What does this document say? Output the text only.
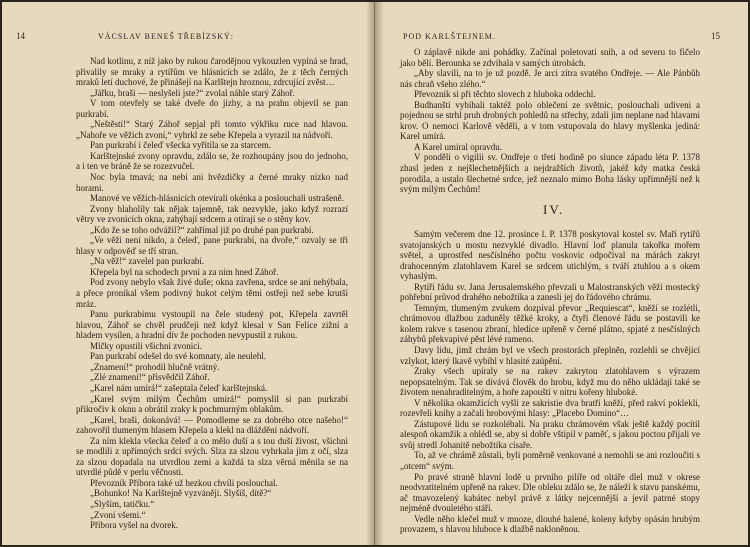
14	VÁCSLAV BENEŠ TŘEBÍZSKÝ:

Nad kotlinu, z níž jako by rukou čarodějnou vykouzlen vypíná se hrad, přivalily se mraky a rytířům ve hlásnicích se zdálo, že z těch černých mraků letí duchové, že přinášejí na Karlštejn hroznou, zdrcující zvěst…

„Jářku, braši — neslyšeli jste?“ zvolal náhle starý Záhoř.

V tom otevřely se také dveře do jizby, a na prahu objevil se pan purkrabí.

„Neštěstí!“ Starý Záhoř sepjal při tomto výkřiku ruce nad hlavou. „Nahoře ve věžích zvoní,“ vyhrkl ze sebe Křepela a vyrazil na nádvoří.

Pan purkrabí i čeleď všecka vyřítila se za starcem.

Karlštejnské zvony opravdu, zdálo se, že rozhoupány jsou do jednoho, a i ten ve bráně že se rozezvučel.

Noc byla tmavá; na nebi ani hvězdičky a černé mraky nízko nad horami.

Manové ve věžích-hlásnicích otevírali okénka a poslouchali ustrašeně.

Zvony hlaholily tak nějak tajemně, tak nezvykle, jako když rozrazí větry ve zvonicích okna, zahýbají srdcem a otírají se o stěny kov.

„Kdo že se toho odvážil?“ zahřímal již po druhé pan purkrabí.

„Ve věži není nikdo, a čeleď, pane purkrabí, na dvoře,“ ozvaly se tři hlasy v odpověď se tří stran.

„Na věž!“ zavelel pan purkrabí.

Křepela byl na schodech první a za ním hned Záhoř.

Pod zvony nebylo však živé duše; okna zavřena, srdce se ani nehýbala, a přece pronikal všem podivný hukot celým těmi ostřeji než sebe krutší mráz.

Panu purkrabímu vystoupil na čele studený pot, Křepela zavrtěl hlavou, Záhoř se chvěl prudčeji než když klesal v San Felice zižní a hladem vysílen, a hradní dív že pochoden nevypustil z rukou.

Mlčky opustili všichni zvonici.

Pan purkrabí odešel do své komnaty, ale neulehl.

„Znamení!“ prohodil hlučně vrátný.

„Zlé znamení!“ přisvědčil Záhoř.

„Karel nám umírá!“ zašeptala čeleď karlštejnská.

„Karel svým milým Čechům umírá!“ pomyslil si pan purkrabí přikročiv k oknu a obrátil zraky k pochmurným oblakům.

„Karel, braši, dokonává! — Pomodleme se za dobrého otce našeho!“ zahovořil tlumeným hlasem Křepela a klekl na dláždění nádvoří.

Za ním klekla všecka čeleď a co mělo duší a s tou duší živost, všichni se modlili z upřímných srdcí svých. Slza za slzou vyhrkala jim z očí, slza za slzou dopadala na utvrdlou zemi a každá ta slza věrná měnila se na utvrdlé půdě v perlu věčnosti.

Převozník Příbora také už hezkou chvíli poslouchal.

„Bohunko! Na Karlštejně vyzváněji. Slyšíš, dítě?“

„Slyším, tatičku.“

„Zvoní všemi.“

Příbora vyšel na dvorek.

POD KARLŠTEJNEM.	15

O záplavě nikde ani pohádky. Začínal poletovati snih, a od severu to fičelo jako bělí. Berounka se zdvihala v samých útrobách.

„Aby slavili, na to je už pozdě. Je arci zítra svatého Ondřeje. — Ale Pánbůh nás chraň všeho zlého.“

Převozník si při těchto slovech z hluboka oddechl.

Budhanští vybíhali taktéž polo oblečení ze světnic, poslouchali udiveni a pojednou se strhl pruh drobných pohledů na střechy, zdali jim neplane nad hlavami krov. O nemoci Karlově věděli, a v tom vstupovala do hlavy myšlenka jediná: Karel umírá.

A Karel umíral opravdu.

V pondělí o vigilii sv. Ondřeje o třetí hodině po slunce západu léta P. 1378 zhasl jeden z nejšlechetnějších a nejdražších životů, jakéž kdy matka česká porodila, a ustalo šlechetné srdce, jež neznalo mimo Boha lásky upřímnější než k svým milým Čechům!

IV.

Samým večerem dne 12. prosince l. P. 1378 poskytoval kostel sv. Maří rytířů svatojanských u mostu nezvyklé divadlo. Hlavní loď planula takořka mořem světel, a uprostřed nesčíslného počtu voskovic odpočíval na márách zakryt drahocenným zlatohlavem Karel se srdcem utichlým, s tváří ztuhlou a s okem vyhaslým.

Rytíři řádu sv. Jana Jerusalemského převzali u Malostranských věží mostecký pohřební průvod drahého nebožtíka a zanesli jej do řádového chrámu.

Temným, tlumeným zvukem dozpíval převor „Requiescat“, kněží se rozlétli, chrámovou dlažbou zaduněly těžké kroky, a čtyři členové řádu se postavili ke kolem rakve s tasenou zbraní, hledíce upřeně v černé plátno, spjaté z nesčíslných záhybů překvapivé pěst lévé rameno.

Davy lidu, jimž chrám byl ve všech prostorách přeplněn, rozlehli se chvějící vzlykot, který lkavě vybíhl v hlasité zaúpění.

Zraky všech upíraly se na rakev zakrytou zlatohlavem s výrazem nepopsatelným. Tak se dívává člověk do hrobu, když mu do něho ukládají také se životem nenahraditelným, a hoře zapouští v nitru kořeny hluboké.

V několika okamžicích vyšli ze sakristie dva bratři kněží, před rakví poklekli, rozevřeli knihy a začali hrobovými hlasy: „Placebo Domino“…

Zástupové lidu se rozkolébali. Na praku chrámovém však ještě každý pocítil alespoň okamžik a ohlédl se, aby si dobře vštípil v paměť, s jakou poctou přijali ve svůj stredl Johanitě nebožtíka císaře.

To, až ve chrámě zůstali, byli poměrně venkované a nemohli se ani rozloučiti s „otcem“ svým.

Po pravé straně hlavní lodě u prvního pilíře od oltáře dlel muž v okrese neodvratitelném upřeně na rakev. Dle obleku zdálo se, že náleží k stavu panskému, ač tmavozelený kabátec nebyl právě z látky nejcennější a jevil patrné stopy nejméně dvouletého stáří.

Vedle něho klečel muž v mnoze, dlouhé halené, koleny kdyby opásán hrubým provazem, s hlavou hluboce k dlažbě nakloněnou.
